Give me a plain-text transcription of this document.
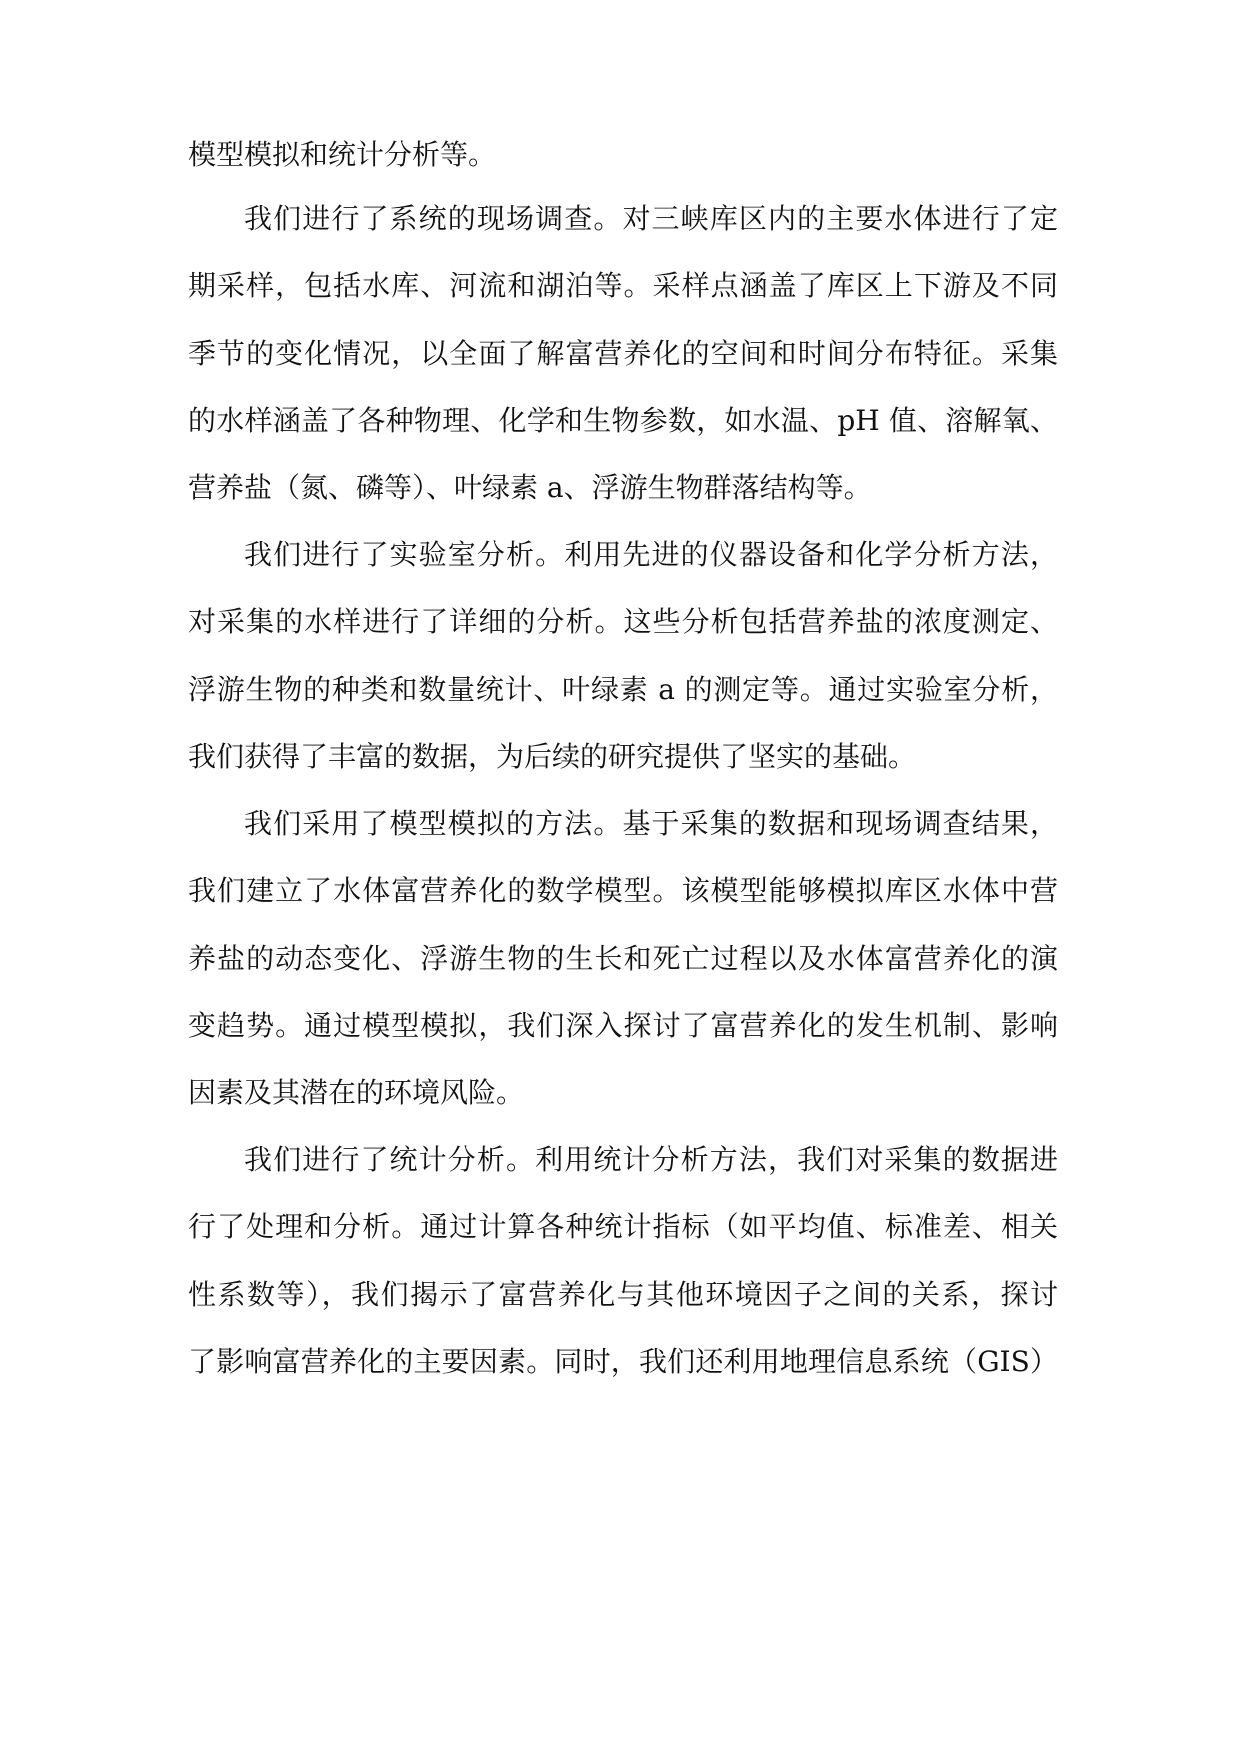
模型模拟和统计分析等。
我们进行了系统的现场调查。对三峡库区内的主要水体进行了定
期采样，包括水库、河流和湖泊等。采样点涵盖了库区上下游及不同
季节的变化情况，以全面了解富营养化的空间和时间分布特征。采集
的水样涵盖了各种物理、化学和生物参数，如水温、pH 值、溶解氧、
营养盐（氮、磷等）、叶绿素 a、浮游生物群落结构等。
我们进行了实验室分析。利用先进的仪器设备和化学分析方法，
对采集的水样进行了详细的分析。这些分析包括营养盐的浓度测定、
浮游生物的种类和数量统计、叶绿素 a 的测定等。通过实验室分析，
我们获得了丰富的数据，为后续的研究提供了坚实的基础。
我们采用了模型模拟的方法。基于采集的数据和现场调查结果，
我们建立了水体富营养化的数学模型。该模型能够模拟库区水体中营
养盐的动态变化、浮游生物的生长和死亡过程以及水体富营养化的演
变趋势。通过模型模拟，我们深入探讨了富营养化的发生机制、影响
因素及其潜在的环境风险。
我们进行了统计分析。利用统计分析方法，我们对采集的数据进
行了处理和分析。通过计算各种统计指标（如平均值、标准差、相关
性系数等），我们揭示了富营养化与其他环境因子之间的关系，探讨
了影响富营养化的主要因素。同时，我们还利用地理信息系统（GIS）
